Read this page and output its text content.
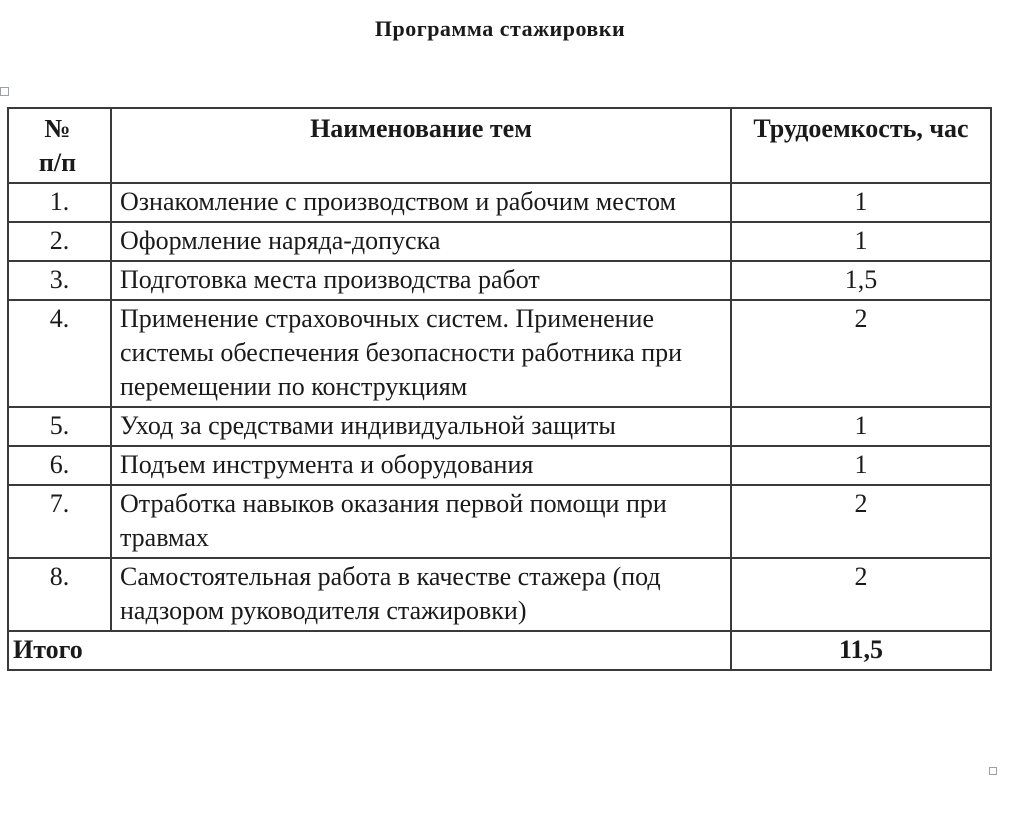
Программа стажировки
№ п/п	Наименование тем	Трудоемкость, час
1.	Ознакомление с производством и рабочим местом	1
2.	Оформление наряда-допуска	1
3.	Подготовка места производства работ	1,5
4.	Применение страховочных систем. Применение системы обеспечения безопасности работника при перемещении по конструкциям	2
5.	Уход за средствами индивидуальной защиты	1
6.	Подъем инструмента и оборудования	1
7.	Отработка навыков оказания первой помощи при травмах	2
8.	Самостоятельная работа в качестве стажера (под надзором руководителя стажировки)	2
Итого		11,5
